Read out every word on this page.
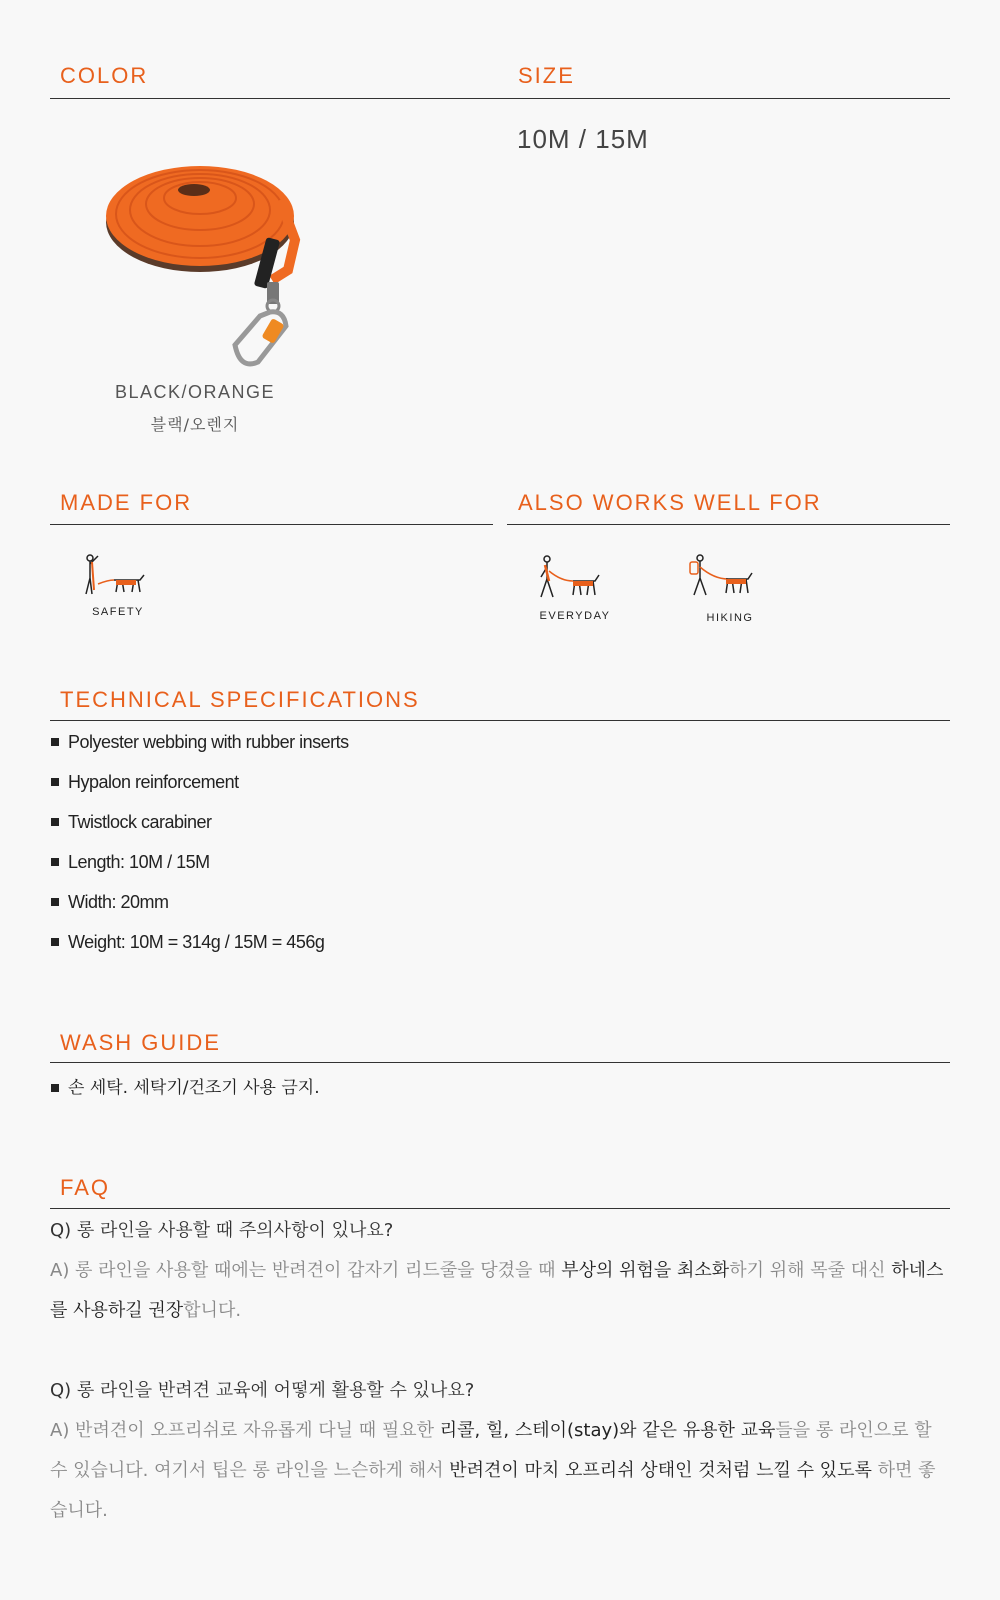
COLOR	SIZE
BLACK/ORANGE
블랙/오렌지
10M / 15M
MADE FOR	ALSO WORKS WELL FOR
SAFETY	EVERYDAY	HIKING
TECHNICAL SPECIFICATIONS
Polyester webbing with rubber inserts
Hypalon reinforcement
Twistlock carabiner
Length: 10M / 15M
Width: 20mm
Weight: 10M = 314g / 15M = 456g
WASH GUIDE
손 세탁. 세탁기/건조기 사용 금지.
FAQ
Q) 롱 라인을 사용할 때 주의사항이 있나요?
A) 롱 라인을 사용할 때에는 반려견이 갑자기 리드줄을 당겼을 때 부상의 위험을 최소화하기 위해 목줄 대신 하네스를 사용하길 권장합니다.
Q) 롱 라인을 반려견 교육에 어떻게 활용할 수 있나요?
A) 반려견이 오프리쉬로 자유롭게 다닐 때 필요한 리콜, 힐, 스테이(stay)와 같은 유용한 교육들을 롱 라인으로 할 수 있습니다. 여기서 팁은 롱 라인을 느슨하게 해서 반려견이 마치 오프리쉬 상태인 것처럼 느낄 수 있도록 하면 좋습니다.
